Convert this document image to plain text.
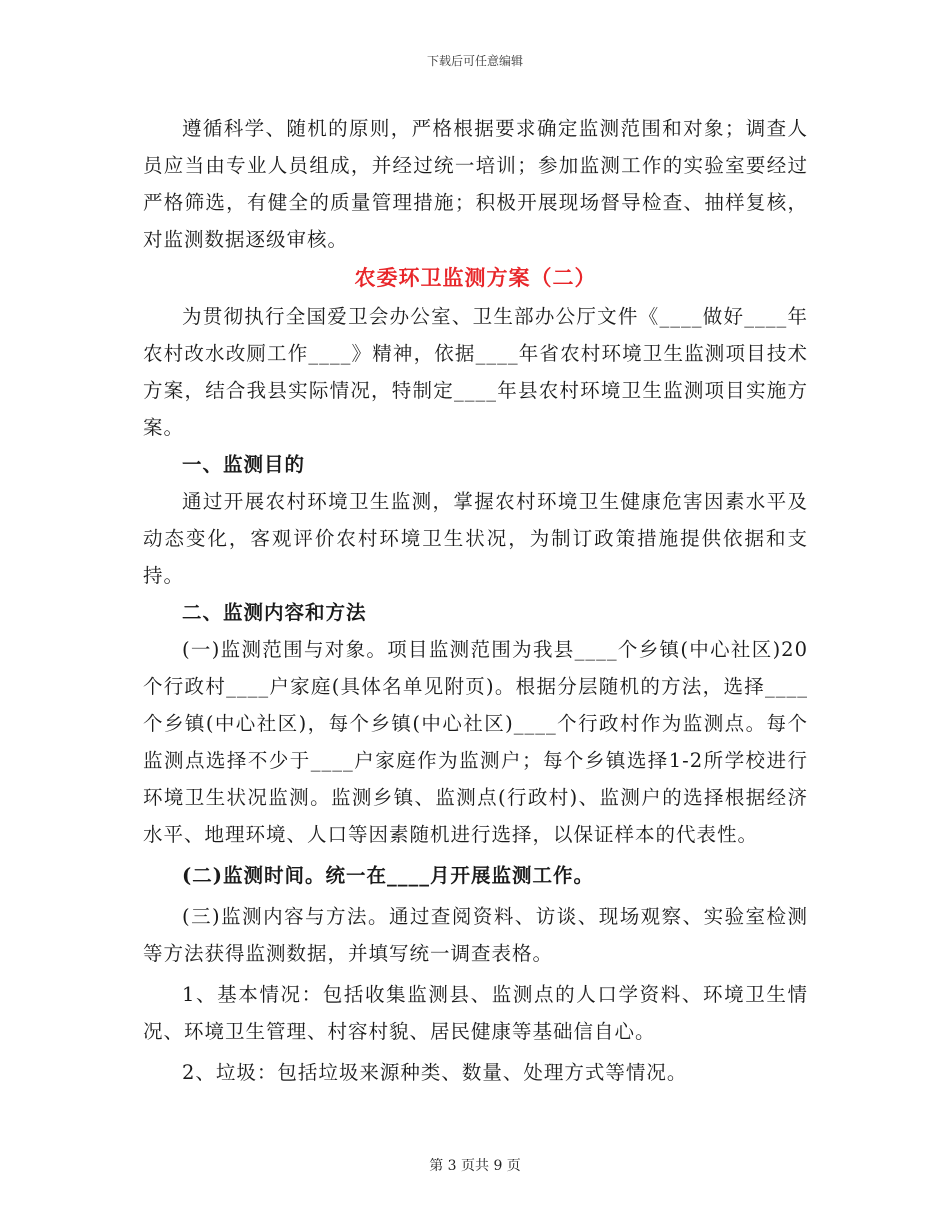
下载后可任意编辑

遵循科学、随机的原则，严格根据要求确定监测范围和对象；调查人员应当由专业人员组成，并经过统一培训；参加监测工作的实验室要经过严格筛选，有健全的质量管理措施；积极开展现场督导检查、抽样复核，对监测数据逐级审核。

农委环卫监测方案（二）

为贯彻执行全国爱卫会办公室、卫生部办公厅文件《____做好____年农村改水改厕工作____》精神，依据____年省农村环境卫生监测项目技术方案，结合我县实际情况，特制定____年县农村环境卫生监测项目实施方案。

一、监测目的

通过开展农村环境卫生监测，掌握农村环境卫生健康危害因素水平及动态变化，客观评价农村环境卫生状况，为制订政策措施提供依据和支持。

二、监测内容和方法

(一)监测范围与对象。项目监测范围为我县____个乡镇(中心社区)20个行政村____户家庭(具体名单见附页)。根据分层随机的方法，选择____个乡镇(中心社区)，每个乡镇(中心社区)____个行政村作为监测点。每个监测点选择不少于____户家庭作为监测户；每个乡镇选择1-2所学校进行环境卫生状况监测。监测乡镇、监测点(行政村)、监测户的选择根据经济水平、地理环境、人口等因素随机进行选择，以保证样本的代表性。

(二)监测时间。统一在____月开展监测工作。

(三)监测内容与方法。通过查阅资料、访谈、现场观察、实验室检测等方法获得监测数据，并填写统一调查表格。

1、基本情况：包括收集监测县、监测点的人口学资料、环境卫生情况、环境卫生管理、村容村貌、居民健康等基础信自心。

2、垃圾：包括垃圾来源种类、数量、处理方式等情况。

第 3 页共 9 页
